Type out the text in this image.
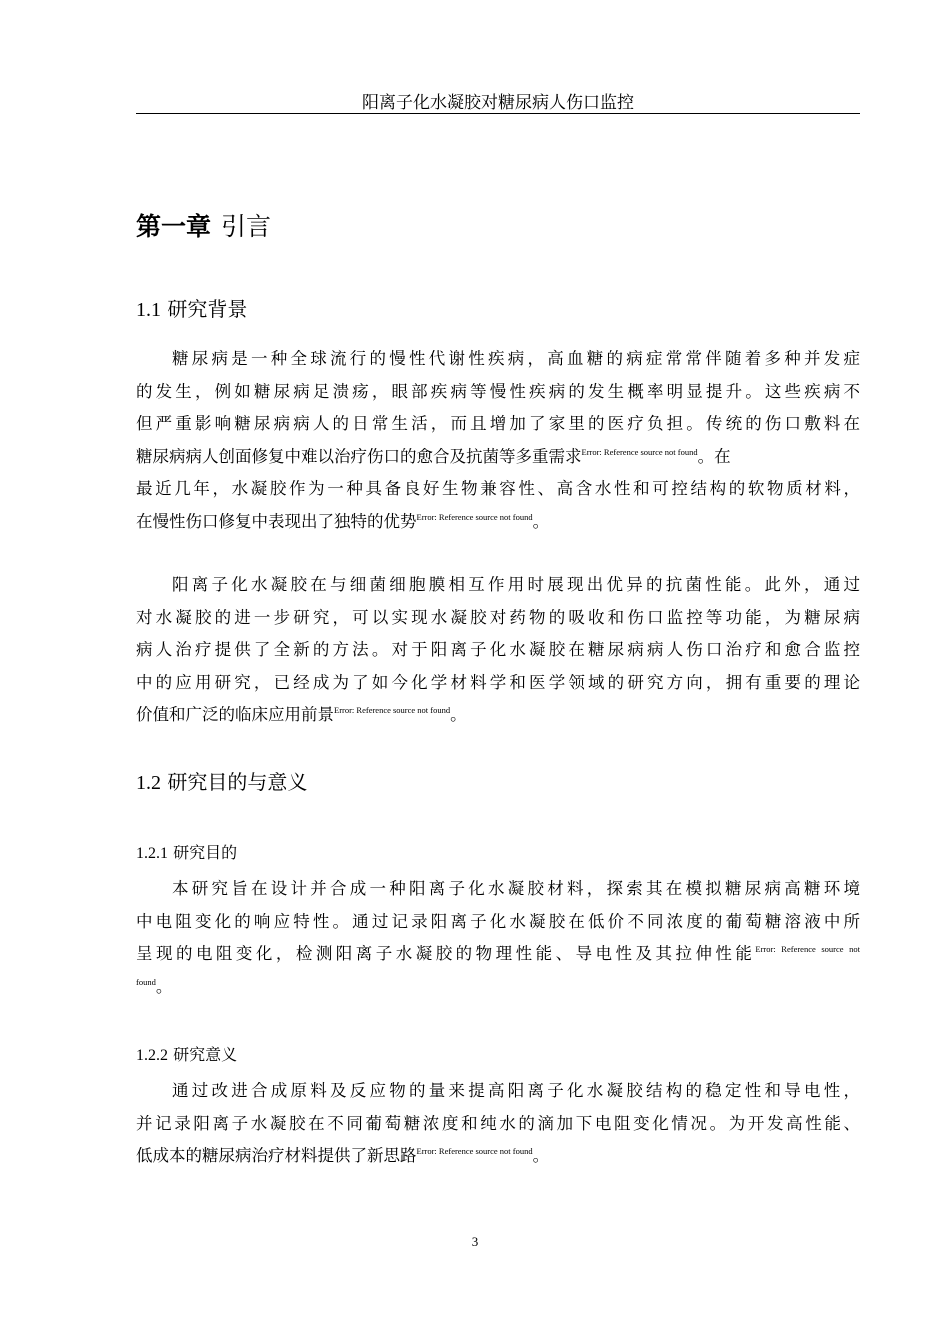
阳离子化水凝胶对糖尿病人伤口监控
第一章 引言
1.1 研究背景
糖尿病是一种全球流行的慢性代谢性疾病，高血糖的病症常常伴随着多种并发症
的发生，例如糖尿病足溃疡，眼部疾病等慢性疾病的发生概率明显提升。这些疾病不
但严重影响糖尿病病人的日常生活，而且增加了家里的医疗负担。传统的伤口敷料在
糖尿病病人创面修复中难以治疗伤口的愈合及抗菌等多重需求$^{Error: Reference source not found}$。在
最近几年，水凝胶作为一种具备良好生物兼容性、高含水性和可控结构的软物质材料，
在慢性伤口修复中表现出了独特的优势$^{Error: Reference source not found}$。
阳离子化水凝胶在与细菌细胞膜相互作用时展现出优异的抗菌性能。此外，通过
对水凝胶的进一步研究，可以实现水凝胶对药物的吸收和伤口监控等功能，为糖尿病
病人治疗提供了全新的方法。对于阳离子化水凝胶在糖尿病病人伤口治疗和愈合监控
中的应用研究，已经成为了如今化学材料学和医学领域的研究方向，拥有重要的理论
价值和广泛的临床应用前景$^{Error: Reference source not found}$。
1.2 研究目的与意义
1.2.1 研究目的
本研究旨在设计并合成一种阳离子化水凝胶材料，探索其在模拟糖尿病高糖环境
中电阻变化的响应特性。通过记录阳离子化水凝胶在低价不同浓度的葡萄糖溶液中所
呈现的电阻变化，检测阳离子水凝胶的物理性能、导电性及其拉伸性能$^{Error: Reference source not}$
$^{found}$。
1.2.2 研究意义
通过改进合成原料及反应物的量来提高阳离子化水凝胶结构的稳定性和导电性，
并记录阳离子水凝胶在不同葡萄糖浓度和纯水的滴加下电阻变化情况。为开发高性能、
低成本的糖尿病治疗材料提供了新思路$^{Error: Reference source not found}$。
3
